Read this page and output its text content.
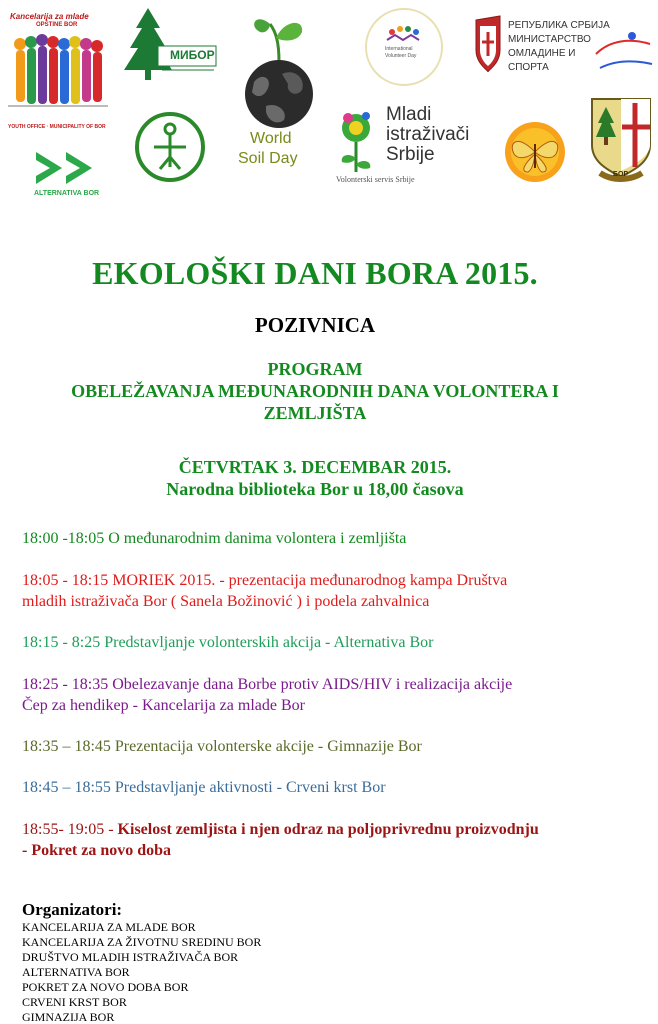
Kancelarija za mlade
OPŠTINE BOR
YOUTH OFFICE · MUNICIPALITY OF BOR
МИБОР
World
Soil Day
International
Volunteer Day
РЕПУБЛИКА СРБИЈА
МИНИСТАРСТВО
ОМЛАДИНЕ И
СПОРТА
ALTERNATIVA BOR
Mladi
istraživači
Srbije
Volonterski servis Srbije
БОР
EKOLOŠKI DANI BORA 2015.
POZIVNICA
PROGRAM
OBELEŽAVANJA MEĐUNARODNIH DANA VOLONTERA I
ZEMLJIŠTA
ČETVRTAK 3. DECEMBAR 2015.
Narodna biblioteka Bor u 18,00 časova
18:00 -18:05 O međunarodnim danima volontera i zemljišta
18:05 - 18:15 MORIEK 2015. - prezentacija međunarodnog kampa Društva
mladih istraživača Bor ( Sanela Božinović ) i podela zahvalnica
18:15 - 8:25 Predstavljanje volonterskih akcija - Alternativa Bor
18:25 - 18:35 Obelezavanje dana Borbe protiv AIDS/HIV i realizacija akcije
Čep za hendikep - Kancelarija za mlade Bor
18:35 – 18:45 Prezentacija volonterske akcije - Gimnazije Bor
18:45 – 18:55 Predstavljanje aktivnosti - Crveni krst Bor
18:55- 19:05 - Kiselost zemljista i njen odraz na poljoprivrednu proizvodnju
- Pokret za novo doba
Organizatori:
KANCELARIJA ZA MLADE BOR
KANCELARIJA ZA ŽIVOTNU SREDINU BOR
DRUŠTVO MLADIH ISTRAŽIVAČA BOR
ALTERNATIVA BOR
POKRET ZA NOVO DOBA BOR
CRVENI KRST BOR
GIMNAZIJA BOR
